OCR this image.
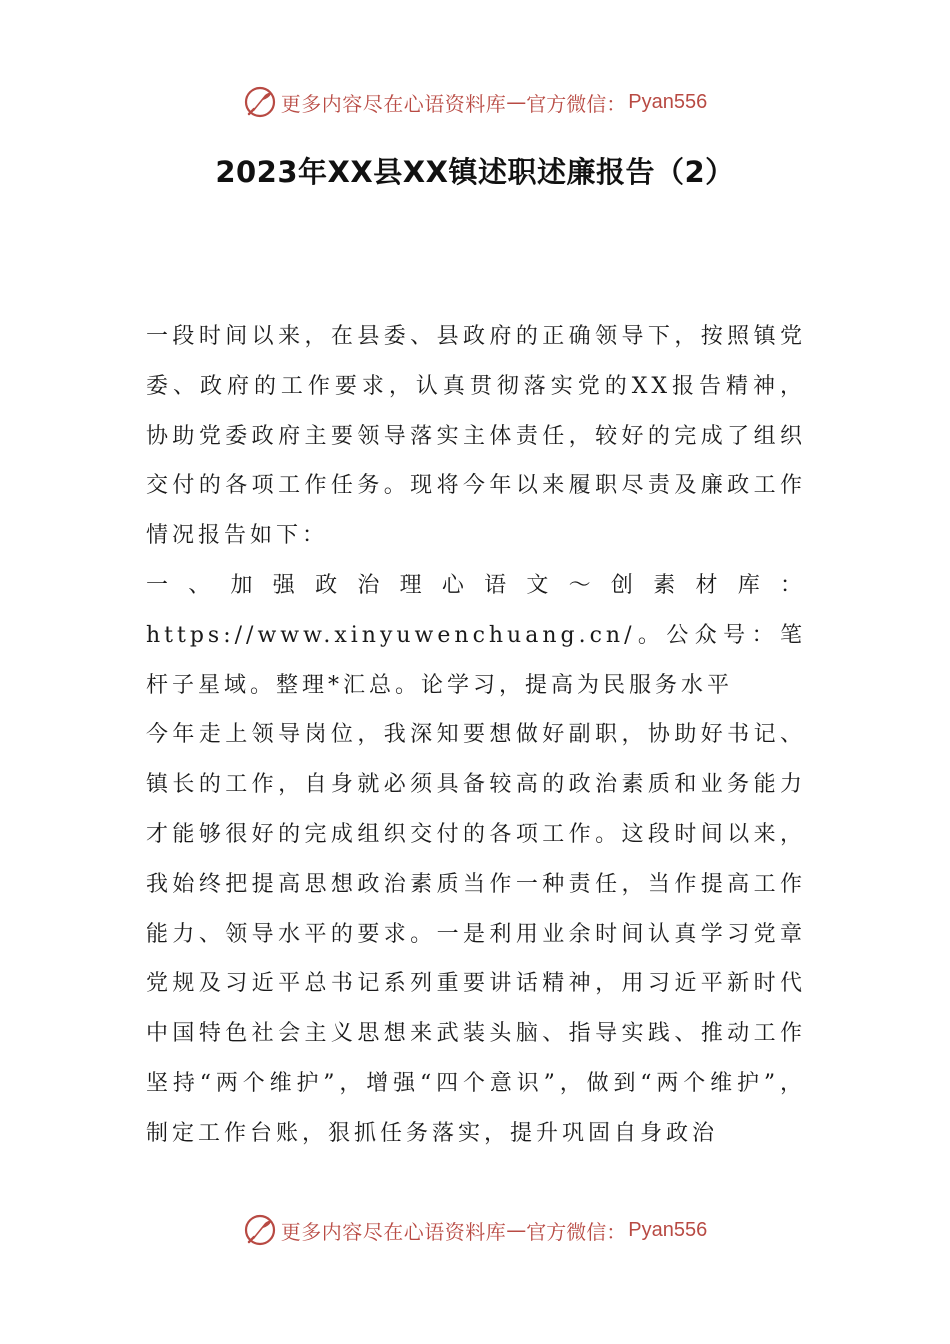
更多内容尽在心语资料库 — 官方微信： Pyan556
2023年XX县XX镇述职述廉报告（2）

一段时间以来，在县委、县政府的正确领导下，按照镇党委、政府的工作要求，认真贯彻落实党的XX报告精神，协助党委政府主要领导落实主体责任，较好的完成了组织交付的各项工作任务。现将今年以来履职尽责及廉政工作情况报告如下：

一、加强政治理心语文～创素材库：https://www.xinyuwenchuang.cn/。公众号：笔杆子星域。整理*汇总。论学习，提高为民服务水平

今年走上领导岗位，我深知要想做好副职，协助好书记、镇长的工作，自身就必须具备较高的政治素质和业务能力才能够很好的完成组织交付的各项工作。这段时间以来，我始终把提高思想政治素质当作一种责任，当作提高工作能力、领导水平的要求。一是利用业余时间认真学习党章党规及习近平总书记系列重要讲话精神，用习近平新时代中国特色社会主义思想来武装头脑、指导实践、推动工作坚持“两个维护”，增强“四个意识”，做到“两个维护”，制定工作台账，狠抓任务落实，提升巩固自身政治

更多内容尽在心语资料库 — 官方微信： Pyan556
